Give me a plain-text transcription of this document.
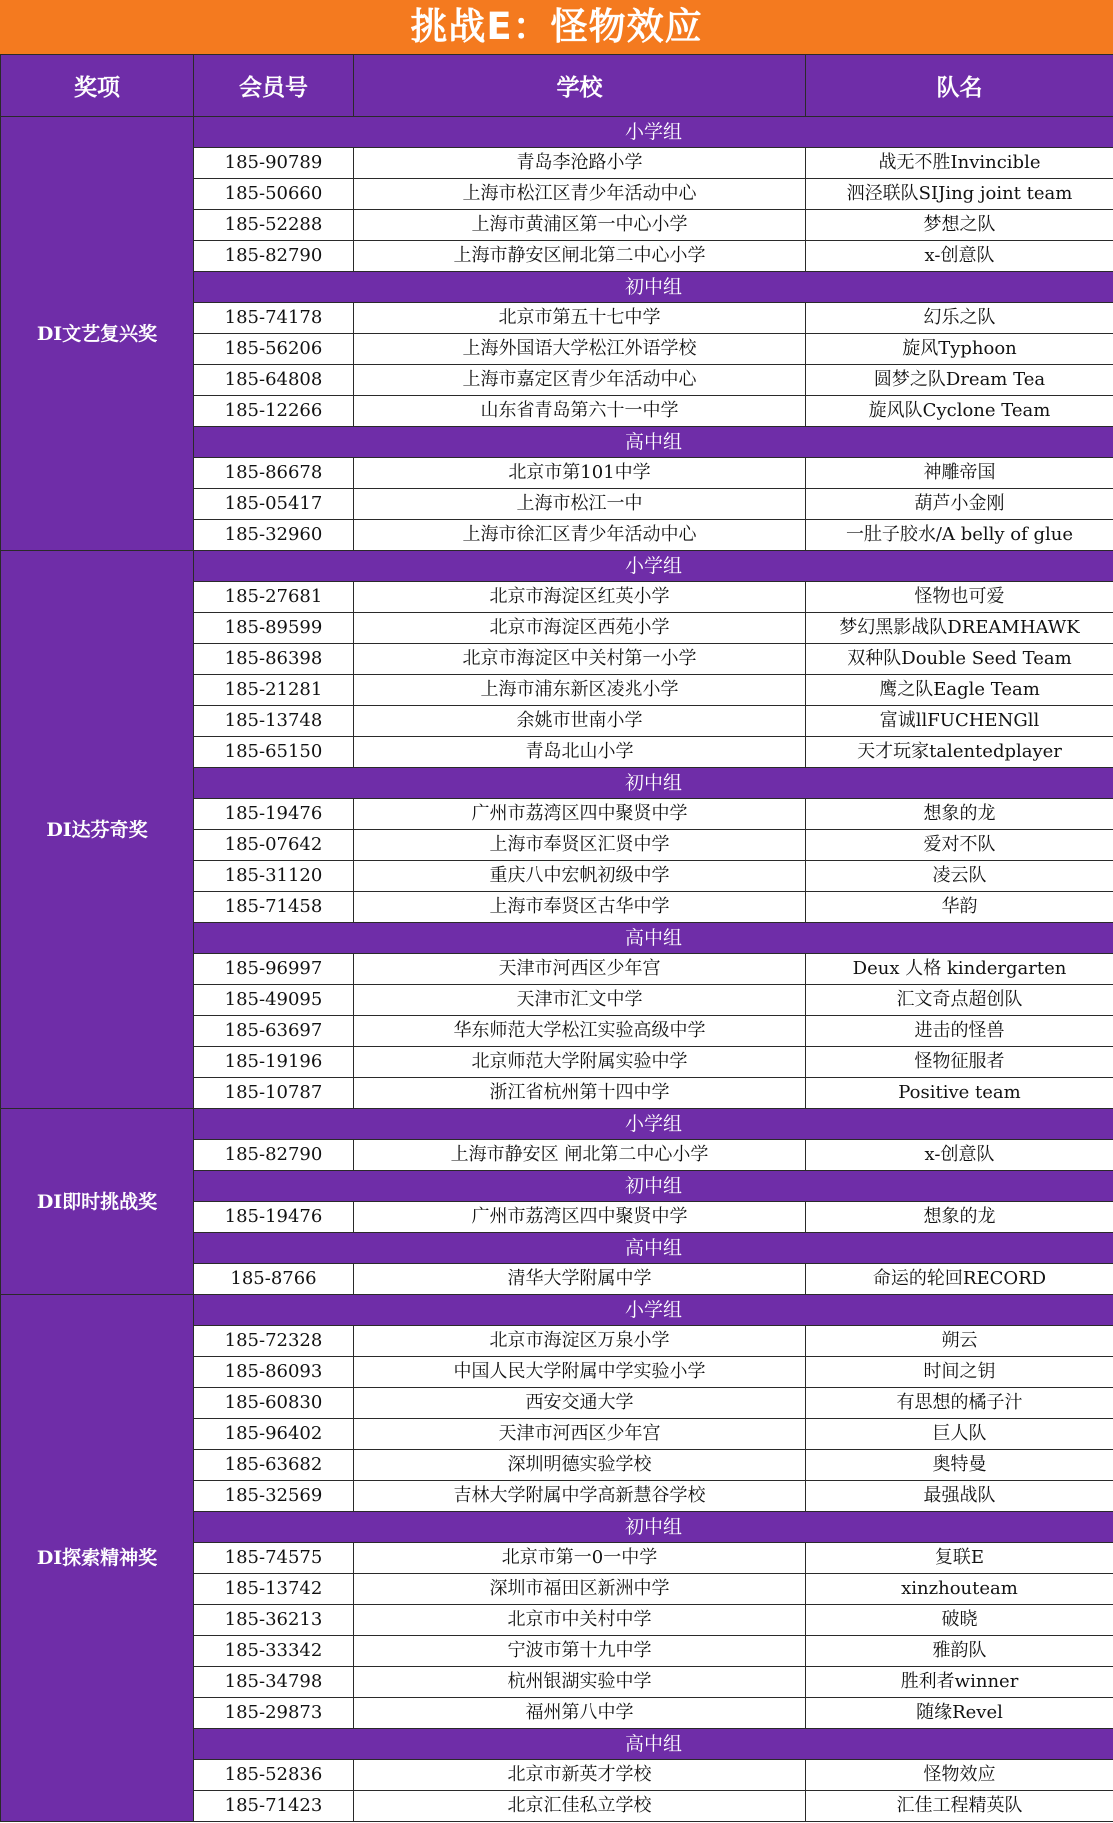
挑战E：怪物效应
奖项	会员号	学校	队名
DI文艺复兴奖	小学组		
	185-90789	青岛李沧路小学	战无不胜Invincible
	185-50660	上海市松江区青少年活动中心	泗泾联队SIJing joint team
	185-52288	上海市黄浦区第一中心小学	梦想之队
	185-82790	上海市静安区闸北第二中心小学	x-创意队
	初中组		
	185-74178	北京市第五十七中学	幻乐之队
	185-56206	上海外国语大学松江外语学校	旋风Typhoon
	185-64808	上海市嘉定区青少年活动中心	圆梦之队Dream Tea
	185-12266	山东省青岛第六十一中学	旋风队Cyclone Team
	高中组		
	185-86678	北京市第101中学	神雕帝国
	185-05417	上海市松江一中	葫芦小金刚
	185-32960	上海市徐汇区青少年活动中心	一肚子胶水/A belly of glue
DI达芬奇奖	小学组		
	185-27681	北京市海淀区红英小学	怪物也可爱
	185-89599	北京市海淀区西苑小学	梦幻黑影战队DREAMHAWK
	185-86398	北京市海淀区中关村第一小学	双种队Double Seed Team
	185-21281	上海市浦东新区凌兆小学	鹰之队Eagle Team
	185-13748	余姚市世南小学	富诚llFUCHENGll
	185-65150	青岛北山小学	天才玩家talentedplayer
	初中组		
	185-19476	广州市荔湾区四中聚贤中学	想象的龙
	185-07642	上海市奉贤区汇贤中学	爱对不队
	185-31120	重庆八中宏帆初级中学	凌云队
	185-71458	上海市奉贤区古华中学	华韵
	高中组		
	185-96997	天津市河西区少年宫	Deux 人格 kindergarten
	185-49095	天津市汇文中学	汇文奇点超创队
	185-63697	华东师范大学松江实验高级中学	进击的怪兽
	185-19196	北京师范大学附属实验中学	怪物征服者
	185-10787	浙江省杭州第十四中学	Positive team
DI即时挑战奖	小学组		
	185-82790	上海市静安区 闸北第二中心小学	x-创意队
	初中组		
	185-19476	广州市荔湾区四中聚贤中学	想象的龙
	高中组		
	185-8766	清华大学附属中学	命运的轮回RECORD
DI探索精神奖	小学组		
	185-72328	北京市海淀区万泉小学	朔云
	185-86093	中国人民大学附属中学实验小学	时间之钥
	185-60830	西安交通大学	有思想的橘子汁
	185-96402	天津市河西区少年宫	巨人队
	185-63682	深圳明德实验学校	奥特曼
	185-32569	吉林大学附属中学高新慧谷学校	最强战队
	初中组		
	185-74575	北京市第一0一中学	复联E
	185-13742	深圳市福田区新洲中学	xinzhouteam
	185-36213	北京市中关村中学	破晓
	185-33342	宁波市第十九中学	雅韵队
	185-34798	杭州银湖实验中学	胜利者winner
	185-29873	福州第八中学	随缘Revel
	高中组		
	185-52836	北京市新英才学校	怪物效应
	185-71423	北京汇佳私立学校	汇佳工程精英队
